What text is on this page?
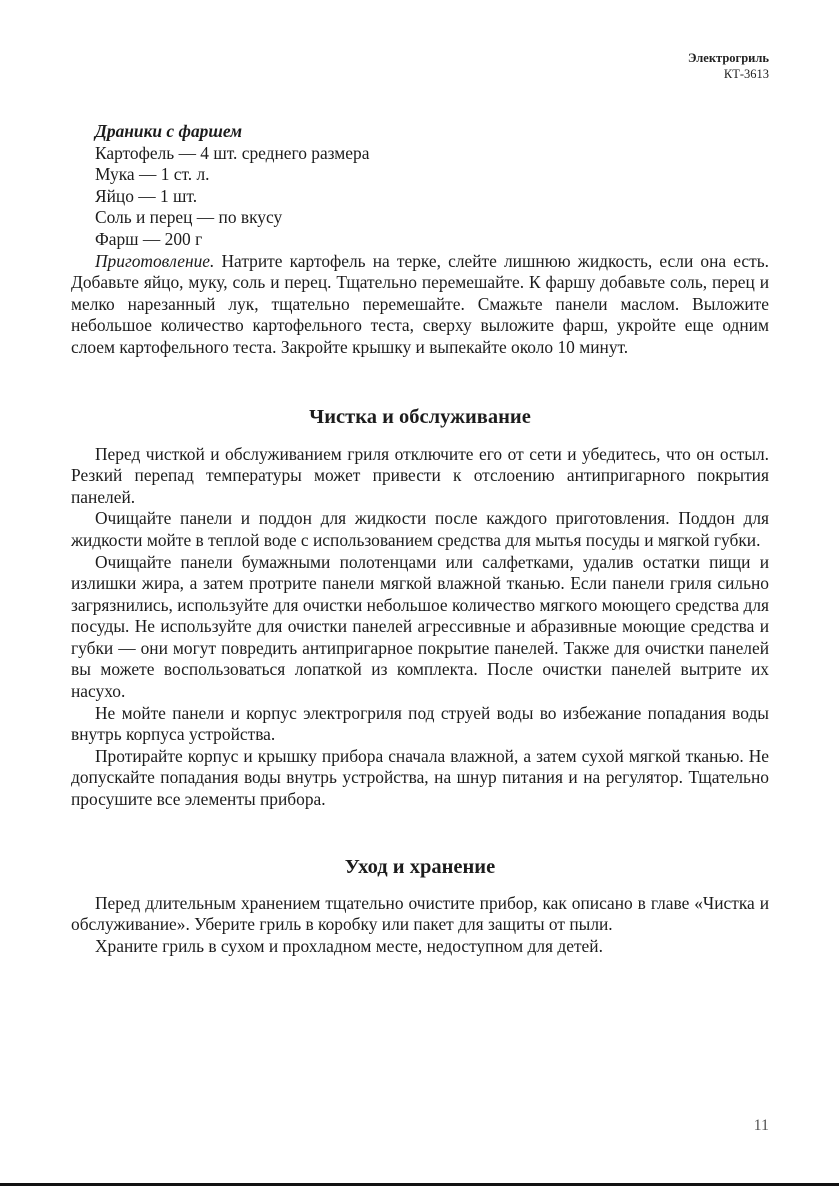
Электрогриль
КТ-3613
Драники с фаршем
Картофель — 4 шт. среднего размера
Мука — 1 ст. л.
Яйцо — 1 шт.
Соль и перец — по вкусу
Фарш — 200 г

Приготовление. Натрите картофель на терке, слейте лишнюю жидкость, если она есть. Добавьте яйцо, муку, соль и перец. Тщательно перемешайте. К фаршу добавьте соль, перец и мелко нарезанный лук, тщательно перемешайте. Смажьте панели маслом. Выложите небольшое количество картофельного теста, сверху выложите фарш, укройте еще одним слоем картофельного теста. Закройте крышку и выпекайте около 10 минут.

Чистка и обслуживание

Перед чисткой и обслуживанием гриля отключите его от сети и убедитесь, что он остыл. Резкий перепад температуры может привести к отслоению антипригарного покрытия панелей.

Очищайте панели и поддон для жидкости после каждого приготовления. Поддон для жидкости мойте в теплой воде с использованием средства для мытья посуды и мягкой губки.

Очищайте панели бумажными полотенцами или салфетками, удалив остатки пищи и излишки жира, а затем протрите панели мягкой влажной тканью. Если панели гриля сильно загрязнились, используйте для очистки небольшое количество мягкого моющего средства для посуды. Не используйте для очистки панелей агрессивные и абразивные моющие средства и губки — они могут повредить антипригарное покрытие панелей. Также для очистки панелей вы можете воспользоваться лопаткой из комплекта. После очистки панелей вытрите их насухо.

Не мойте панели и корпус электрогриля под струей воды во избежание попадания воды внутрь корпуса устройства.

Протирайте корпус и крышку прибора сначала влажной, а затем сухой мягкой тканью. Не допускайте попадания воды внутрь устройства, на шнур питания и на регулятор. Тщательно просушите все элементы прибора.

Уход и хранение

Перед длительным хранением тщательно очистите прибор, как описано в главе «Чистка и обслуживание». Уберите гриль в коробку или пакет для защиты от пыли.

Храните гриль в сухом и прохладном месте, недоступном для детей.

11
